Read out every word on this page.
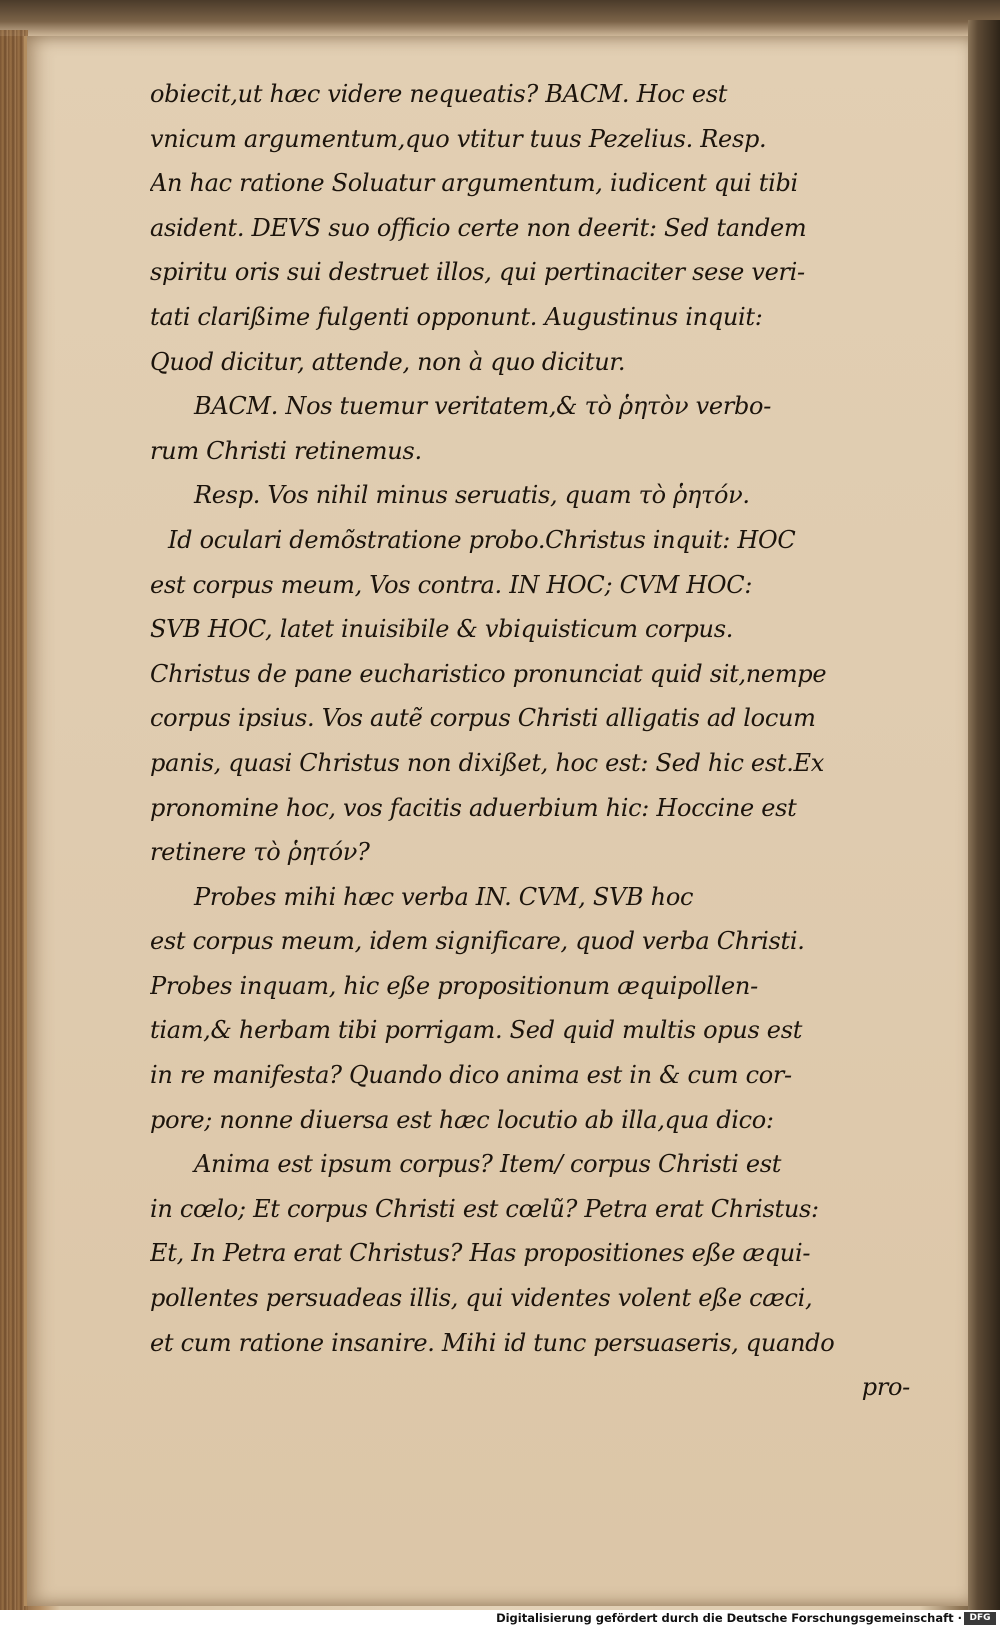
obiecit,ut hæc videre nequeatis? BACM. Hoc est
vnicum argumentum,quo vtitur tuus Pezelius. Resp.
An hac ratione Soluatur argumentum, iudicent qui tibi
asident. DEVS suo officio certe non deerit: Sed tandem
spiritu oris sui destruet illos, qui pertinaciter sese veri-
tati clarißime fulgenti opponunt. Augustinus inquit:
Quod dicitur, attende, non à quo dicitur.
BACM. Nos tuemur veritatem,& τὸ ῥητὸν verbo-
rum Christi retinemus.
Resp. Vos nihil minus seruatis, quam τὸ ῥητόν.
Id oculari demõstratione probo.Christus inquit: HOC
est corpus meum, Vos contra. IN HOC; CVM HOC:
SVB HOC, latet inuisibile & vbiquisticum corpus.
Christus de pane eucharistico pronunciat quid sit,nempe
corpus ipsius. Vos autẽ corpus Christi alligatis ad locum
panis, quasi Christus non dixißet, hoc est: Sed hic est.Ex
pronomine hoc, vos facitis aduerbium hic: Hoccine est
retinere τὸ ῥητόν?
Probes mihi hæc verba IN. CVM, SVB hoc
est corpus meum, idem significare, quod verba Christi.
Probes inquam, hic eße propositionum æquipollen-
tiam,& herbam tibi porrigam. Sed quid multis opus est
in re manifesta? Quando dico anima est in & cum cor-
pore; nonne diuersa est hæc locutio ab illa,qua dico:
Anima est ipsum corpus? Item/ corpus Christi est
in cœlo; Et corpus Christi est cœlũ? Petra erat Christus:
Et, In Petra erat Christus? Has propositiones eße æqui-
pollentes persuadeas illis, qui videntes volent eße cæci,
et cum ratione insanire. Mihi id tunc persuaseris, quando
pro-
Digitalisierung gefördert durch die Deutsche Forschungsgemeinschaft · DFG
